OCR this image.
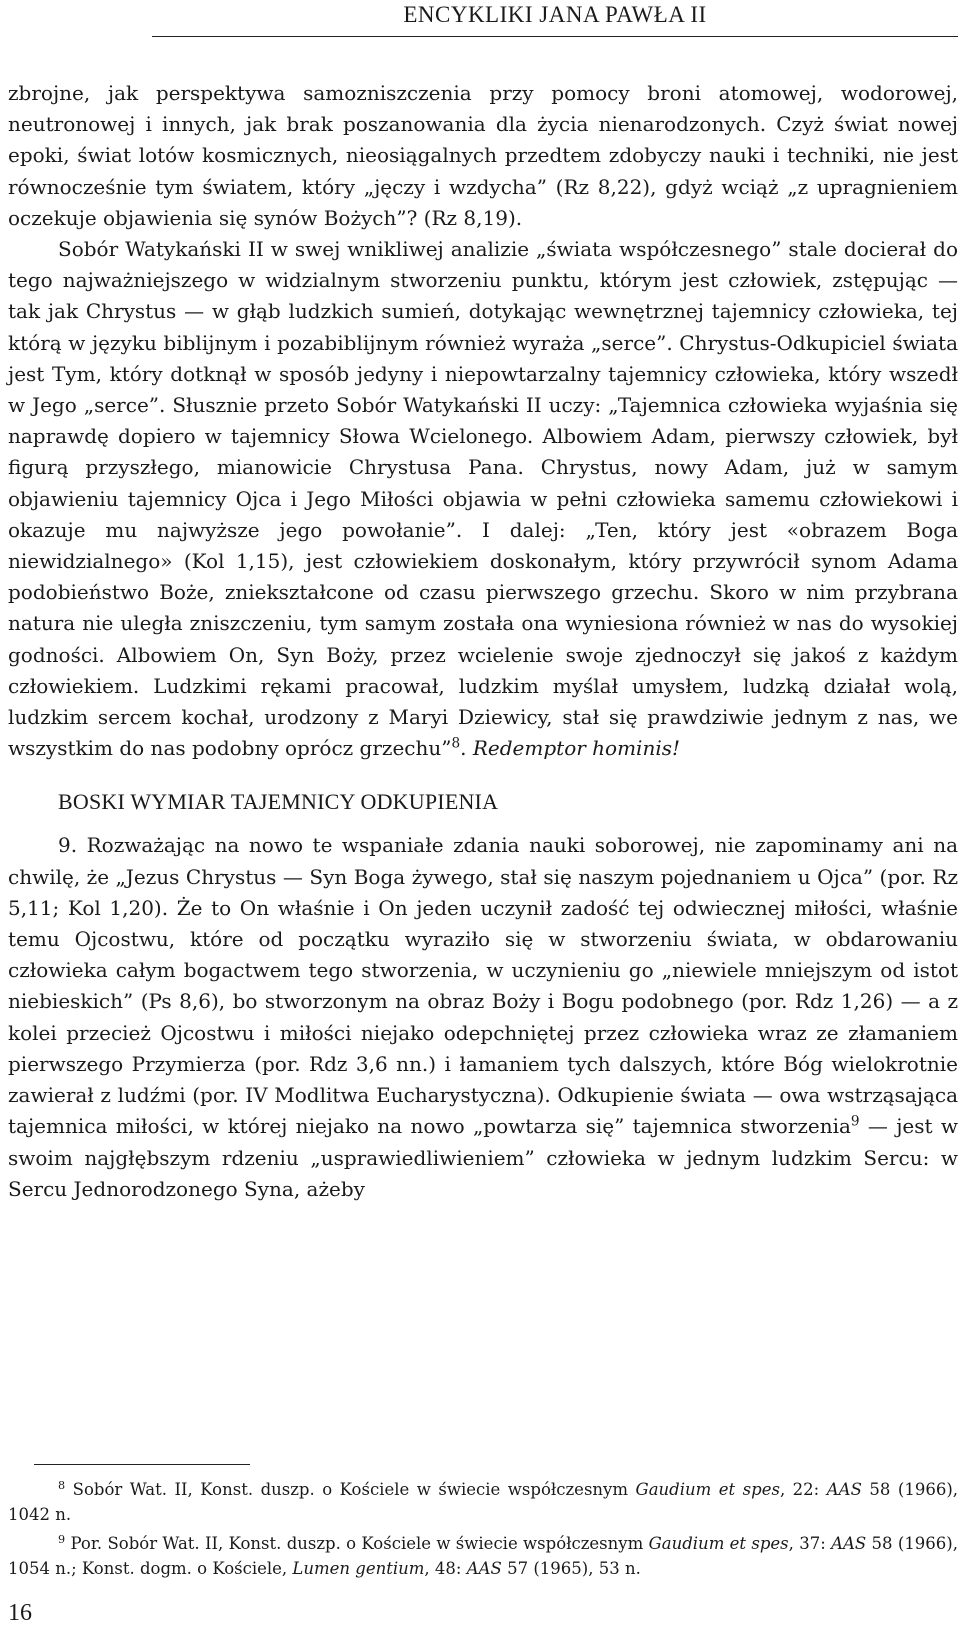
ENCYKLIKI JANA PAWŁA II

zbrojne, jak perspektywa samozniszczenia przy pomocy broni atomowej, wodorowej, neutronowej i innych, jak brak poszanowania dla życia nienarodzonych. Czyż świat nowej epoki, świat lotów kosmicznych, nieosiągalnych przedtem zdobyczy nauki i techniki, nie jest równocześnie tym światem, który „jęczy i wzdycha” (Rz 8,22), gdyż wciąż „z upragnieniem oczekuje objawienia się synów Bożych”? (Rz 8,19).

Sobór Watykański II w swej wnikliwej analizie „świata współczesnego” stale docierał do tego najważniejszego w widzialnym stworzeniu punktu, którym jest człowiek, zstępując — tak jak Chrystus — w głąb ludzkich sumień, dotykając wewnętrznej tajemnicy człowieka, tej którą w języku biblijnym i pozabiblijnym również wyraża „serce”. Chrystus-Odkupiciel świata jest Tym, który dotknął w sposób jedyny i niepowtarzalny tajemnicy człowieka, który wszedł w Jego „serce”. Słusznie przeto Sobór Watykański II uczy: „Tajemnica człowieka wyjaśnia się naprawdę dopiero w tajemnicy Słowa Wcielonego. Albowiem Adam, pierwszy człowiek, był figurą przyszłego, mianowicie Chrystusa Pana. Chrystus, nowy Adam, już w samym objawieniu tajemnicy Ojca i Jego Miłości objawia w pełni człowieka samemu człowiekowi i okazuje mu najwyższe jego powołanie”. I dalej: „Ten, który jest «obrazem Boga niewidzialnego» (Kol 1,15), jest człowiekiem doskonałym, który przywrócił synom Adama podobieństwo Boże, zniekształcone od czasu pierwszego grzechu. Skoro w nim przybrana natura nie uległa zniszczeniu, tym samym została ona wyniesiona również w nas do wysokiej godności. Albowiem On, Syn Boży, przez wcielenie swoje zjednoczył się jakoś z każdym człowiekiem. Ludzkimi rękami pracował, ludzkim myślał umysłem, ludzką działał wolą, ludzkim sercem kochał, urodzony z Maryi Dziewicy, stał się prawdziwie jednym z nas, we wszystkim do nas podobny oprócz grzechu”$^8$. Redemptor hominis!

BOSKI WYMIAR TAJEMNICY ODKUPIENIA

9. Rozważając na nowo te wspaniałe zdania nauki soborowej, nie zapominamy ani na chwilę, że „Jezus Chrystus — Syn Boga żywego, stał się naszym pojednaniem u Ojca” (por. Rz 5,11; Kol 1,20). Że to On właśnie i On jeden uczynił zadość tej odwiecznej miłości, właśnie temu Ojcostwu, które od początku wyraziło się w stworzeniu świata, w obdarowaniu człowieka całym bogactwem tego stworzenia, w uczynieniu go „niewiele mniejszym od istot niebieskich” (Ps 8,6), bo stworzonym na obraz Boży i Bogu podobnego (por. Rdz 1,26) — a z kolei przecież Ojcostwu i miłości niejako odepchniętej przez człowieka wraz ze złamaniem pierwszego Przymierza (por. Rdz 3,6 nn.) i łamaniem tych dalszych, które Bóg wielokrotnie zawierał z ludźmi (por. IV Modlitwa Eucharystyczna). Odkupienie świata — owa wstrząsająca tajemnica miłości, w której niejako na nowo „powtarza się” tajemnica stworzenia$^9$ — jest w swoim najgłębszym rdzeniu „usprawiedliwieniem” człowieka w jednym ludzkim Sercu: w Sercu Jednorodzonego Syna, ażeby

$^8$ Sobór Wat. II, Konst. duszp. o Kościele w świecie współczesnym Gaudium et spes, 22: AAS 58 (1966), 1042 n.

$^9$ Por. Sobór Wat. II, Konst. duszp. o Kościele w świecie współczesnym Gaudium et spes, 37: AAS 58 (1966), 1054 n.; Konst. dogm. o Kościele, Lumen gentium, 48: AAS 57 (1965), 53 n.

16
